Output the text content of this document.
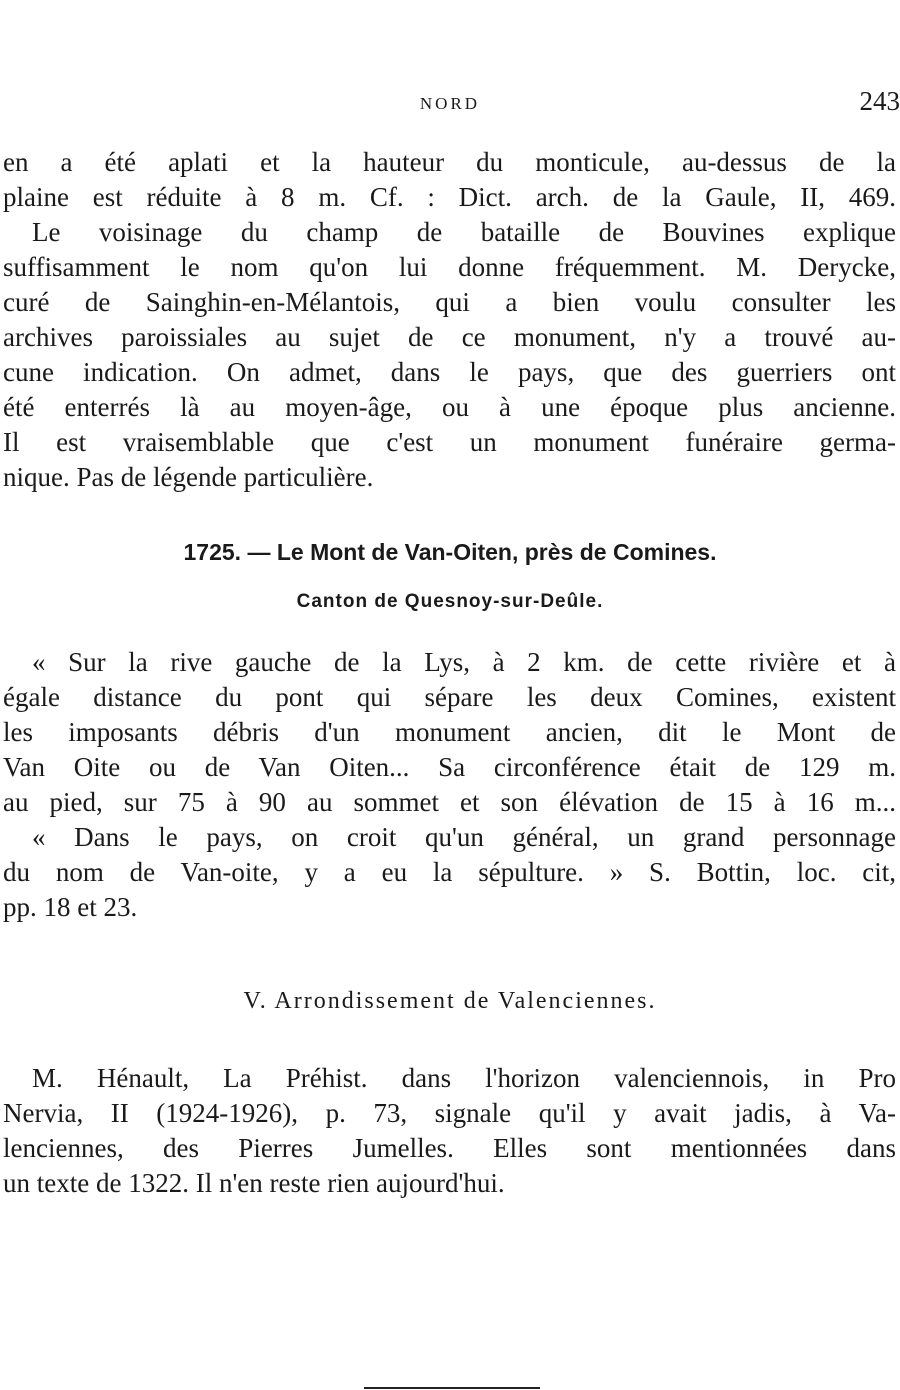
NORD	243
en a été aplati et la hauteur du monticule, au-dessus de la
plaine est réduite à 8 m. Cf. : Dict. arch. de la Gaule, II, 469.
Le voisinage du champ de bataille de Bouvines explique
suffisamment le nom qu'on lui donne fréquemment. M. Derycke,
curé de Sainghin-en-Mélantois, qui a bien voulu consulter les
archives paroissiales au sujet de ce monument, n'y a trouvé au-
cune indication. On admet, dans le pays, que des guerriers ont
été enterrés là au moyen-âge, ou à une époque plus ancienne.
Il est vraisemblable que c'est un monument funéraire germa-
nique. Pas de légende particulière.
1725. — Le Mont de Van-Oiten, près de Comines.
Canton de Quesnoy-sur-Deûle.
« Sur la rive gauche de la Lys, à 2 km. de cette rivière et à
égale distance du pont qui sépare les deux Comines, existent
les imposants débris d'un monument ancien, dit le Mont de
Van Oite ou de Van Oiten... Sa circonférence était de 129 m.
au pied, sur 75 à 90 au sommet et son élévation de 15 à 16 m...
« Dans le pays, on croit qu'un général, un grand personnage
du nom de Van-oite, y a eu la sépulture. » S. Bottin, loc. cit,
pp. 18 et 23.
V. Arrondissement de Valenciennes.
M. Hénault, La Préhist. dans l'horizon valenciennois, in Pro
Nervia, II (1924-1926), p. 73, signale qu'il y avait jadis, à Va-
lenciennes, des Pierres Jumelles. Elles sont mentionnées dans
un texte de 1322. Il n'en reste rien aujourd'hui.
